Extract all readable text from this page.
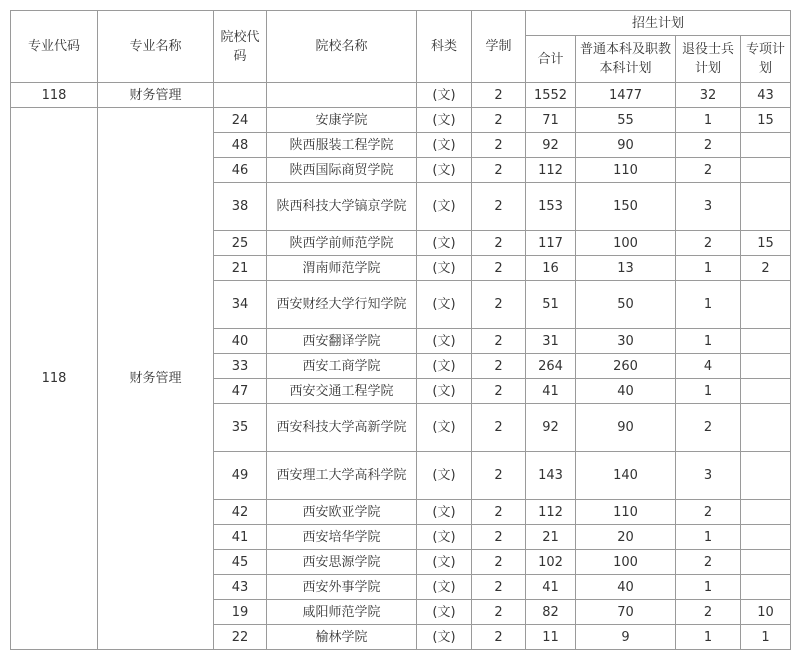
专业代码	专业名称	院校代码	院校名称	科类	学制	招生计划			
						合计	普通本科及职教本科计划	退役士兵计划	专项计划
118	财务管理			(文)	2	1552	1477	32	43
118	财务管理	24	安康学院	(文)	2	71	55	1	15
		48	陕西服装工程学院	(文)	2	92	90	2	
		46	陕西国际商贸学院	(文)	2	112	110	2	
		38	陕西科技大学镐京学院	(文)	2	153	150	3	
		25	陕西学前师范学院	(文)	2	117	100	2	15
		21	渭南师范学院	(文)	2	16	13	1	2
		34	西安财经大学行知学院	(文)	2	51	50	1	
		40	西安翻译学院	(文)	2	31	30	1	
		33	西安工商学院	(文)	2	264	260	4	
		47	西安交通工程学院	(文)	2	41	40	1	
		35	西安科技大学高新学院	(文)	2	92	90	2	
		49	西安理工大学高科学院	(文)	2	143	140	3	
		42	西安欧亚学院	(文)	2	112	110	2	
		41	西安培华学院	(文)	2	21	20	1	
		45	西安思源学院	(文)	2	102	100	2	
		43	西安外事学院	(文)	2	41	40	1	
		19	咸阳师范学院	(文)	2	82	70	2	10
		22	榆林学院	(文)	2	11	9	1	1
